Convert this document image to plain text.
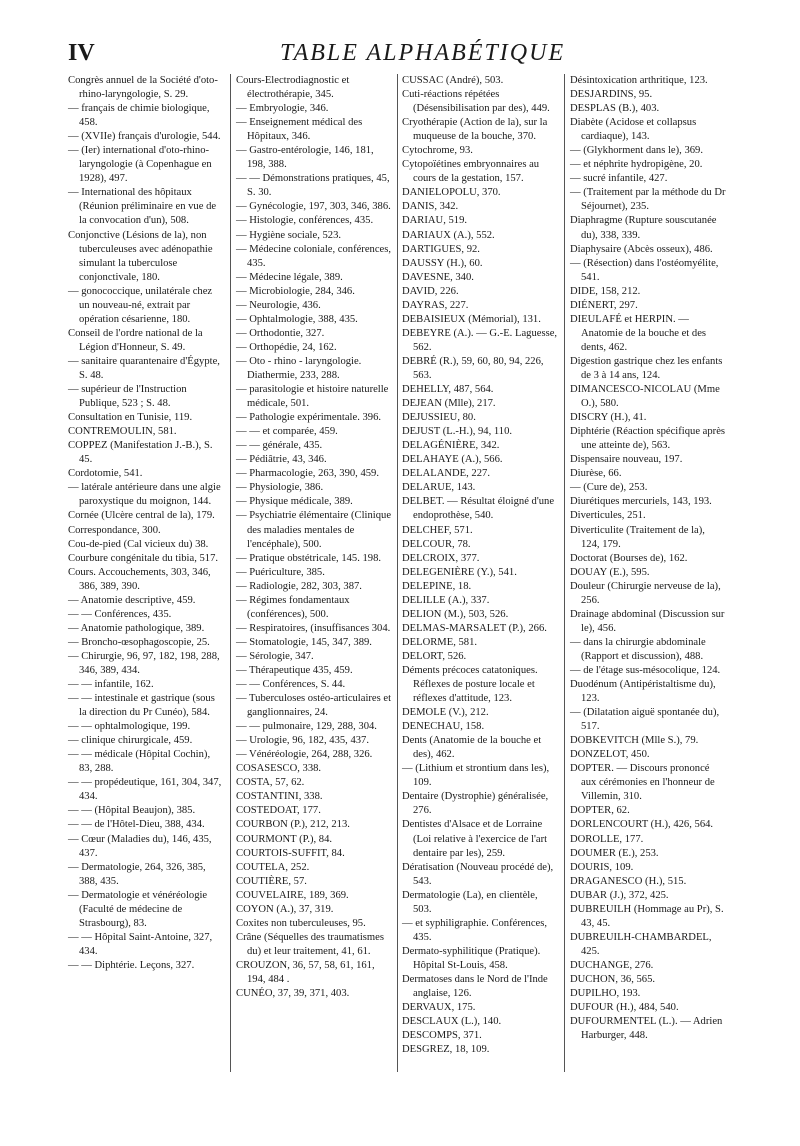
IV	TABLE ALPHABÉTIQUE

Congrès annuel de la Société d'oto-rhino-laryngologie, S. 29.

— français de chimie biologique, 458.

— (XVIIe) français d'urologie, 544.

— (Ier) international d'oto-rhino-laryngologie (à Copenhague en 1928), 497.

— International des hôpitaux (Réunion préliminaire en vue de la convocation d'un), 508.

Conjonctive (Lésions de la), non tuberculeuses avec adénopathie simulant la tuberculose conjonctivale, 180.

— gonococcique, unilatérale chez un nouveau-né, extrait par opération césarienne, 180.

Conseil de l'ordre national de la Légion d'Honneur, S. 49.

— sanitaire quarantenaire d'Égypte, S. 48.

— supérieur de l'Instruction Publique, 523 ; S. 48.

Consultation en Tunisie, 119.

CONTREMOULIN, 581.

COPPEZ (Manifestation J.-B.), S. 45.

Cordotomie, 541.

— latérale antérieure dans une algie paroxystique du moignon, 144.

Cornée (Ulcère central de la), 179.

Correspondance, 300.

Cou-de-pied (Cal vicieux du) 38.

Courbure congénitale du tibia, 517.

Cours. Accouchements, 303, 346, 386, 389, 390.

— Anatomie descriptive, 459.

— — Conférences, 435.

— Anatomie pathologique, 389.

— Broncho-œsophagoscopie, 25.

— Chirurgie, 96, 97, 182, 198, 288, 346, 389, 434.

— — infantile, 162.

— — intestinale et gastrique (sous la direction du Pr Cunéo), 584.

— — ophtalmologique, 199.

— clinique chirurgicale, 459.

— — médicale (Hôpital Cochin), 83, 288.

— — propédeutique, 161, 304, 347, 434.

— — (Hôpital Beaujon), 385.

— — de l'Hôtel-Dieu, 388, 434.

— Cœur (Maladies du), 146, 435, 437.

— Dermatologie, 264, 326, 385, 388, 435.

— Dermatologie et vénéréologie (Faculté de médecine de Strasbourg), 83.

— — Hôpital Saint-Antoine, 327, 434.

— — Diphtérie. Leçons, 327.

Cours-Electrodiagnostic et électrothérapie, 345.

— Embryologie, 346.

— Enseignement médical des Hôpitaux, 346.

— Gastro-entérologie, 146, 181, 198, 388.

— — Démonstrations pratiques, 45, S. 30.

— Gynécologie, 197, 303, 346, 386.

— Histologie, conférences, 435.

— Hygiène sociale, 523.

— Médecine coloniale, conférences, 435.

— Médecine légale, 389.

— Microbiologie, 284, 346.

— Neurologie, 436.

— Ophtalmologie, 388, 435.

— Orthodontie, 327.

— Orthopédie, 24, 162.

— Oto - rhino - laryngologie. Diathermie, 233, 288.

— parasitologie et histoire naturelle médicale, 501.

— Pathologie expérimentale. 396.

— — et comparée, 459.

— — générale, 435.

— Pédiâtrie, 43, 346.

— Pharmacologie, 263, 390, 459.

— Physiologie, 386.

— Physique médicale, 389.

— Psychiatrie élémentaire (Clinique des maladies mentales de l'encéphale), 500.

— Pratique obstétricale, 145. 198.

— Puériculture, 385.

— Radiologie, 282, 303, 387.

— Régimes fondamentaux (conférences), 500.

— Respiratoires, (insuffisances 304.

— Stomatologie, 145, 347, 389.

— Sérologie, 347.

— Thérapeutique 435, 459.

— — Conférences, S. 44.

— Tuberculoses ostéo-articulaires et ganglionnaires, 24.

— — pulmonaire, 129, 288, 304.

— Urologie, 96, 182, 435, 437.

— Vénéréologie, 264, 288, 326.

COSASESCO, 338.

COSTA, 57, 62.

COSTANTINI, 338.

COSTEDOAT, 177.

COURBON (P.), 212, 213.

COURMONT (P.), 84.

COURTOIS-SUFFIT, 84.

COUTELA, 252.

COUTIÈRE, 57.

COUVELAIRE, 189, 369.

COYON (A.), 37, 319.

Coxites non tuberculeuses, 95.

Crâne (Séquelles des traumatismes du) et leur traitement, 41, 61.

CROUZON, 36, 57, 58, 61, 161, 194, 484 .

CUNÉO, 37, 39, 371, 403.

CUSSAC (André), 503.

Cuti-réactions répétées (Désensibilisation par des), 449.

Cryothérapie (Action de la), sur la muqueuse de la bouche, 370.

Cytochrome, 93.

Cytopoïétines embryonnaires au cours de la gestation, 157.

DANIELOPOLU, 370.

DANIS, 342.

DARIAU, 519.

DARIAUX (A.), 552.

DARTIGUES, 92.

DAUSSY (H.), 60.

DAVESNE, 340.

DAVID, 226.

DAYRAS, 227.

DEBAISIEUX (Mémorial), 131.

DEBEYRE (A.). — G.-E. Laguesse, 562.

DEBRÉ (R.), 59, 60, 80, 94, 226, 563.

DEHELLY, 487, 564.

DEJEAN (Mlle), 217.

DEJUSSIEU, 80.

DEJUST (L.-H.), 94, 110.

DELAGÉNIÈRE, 342.

DELAHAYE (A.), 566.

DELALANDE, 227.

DELARUE, 143.

DELBET. — Résultat éloigné d'une endoprothèse, 540.

DELCHEF, 571.

DELCOUR, 78.

DELCROIX, 377.

DELEGENIÈRE (Y.), 541.

DELEPINE, 18.

DELILLE (A.), 337.

DELION (M.), 503, 526.

DELMAS-MARSALET (P.), 266.

DELORME, 581.

DELORT, 526.

Déments précoces catatoniques. Réflexes de posture locale et réflexes d'attitude, 123.

DEMOLE (V.), 212.

DENECHAU, 158.

Dents (Anatomie de la bouche et des), 462.

— (Lithium et strontium dans les), 109.

Dentaire (Dystrophie) généralisée, 276.

Dentistes d'Alsace et de Lorraine (Loi relative à l'exercice de l'art dentaire par les), 259.

Dératisation (Nouveau procédé de), 543.

Dermatologie (La), en clientèle, 503.

— et syphiligraphie. Conférences, 435.

Dermato-syphilitique (Pratique). Hôpital St-Louis, 458.

Dermatoses dans le Nord de l'Inde anglaise, 126.

DERVAUX, 175.

DESCLAUX (L.), 140.

DESCOMPS, 371.

DESGREZ, 18, 109.

Désintoxication arthritique, 123.

DESJARDINS, 95.

DESPLAS (B.), 403.

Diabète (Acidose et collapsus cardiaque), 143.

— (Glykhorment dans le), 369.

— et néphrite hydropigène, 20.

— sucré infantile, 427.

— (Traitement par la méthode du Dr Séjournet), 235.

Diaphragme (Rupture souscutanée du), 338, 339.

Diaphysaire (Abcès osseux), 486.

— (Résection) dans l'ostéomyélite, 541.

DIDE, 158, 212.

DIÉNERT, 297.

DIEULAFÉ et HERPIN. — Anatomie de la bouche et des dents, 462.

Digestion gastrique chez les enfants de 3 à 14 ans, 124.

DIMANCESCO-NICOLAU (Mme O.), 580.

DISCRY (H.), 41.

Diphtérie (Réaction spécifique après une atteinte de), 563.

Dispensaire nouveau, 197.

Diurèse, 66.

— (Cure de), 253.

Diurétiques mercuriels, 143, 193.

Diverticules, 251.

Diverticulite (Traitement de la), 124, 179.

Doctorat (Bourses de), 162.

DOUAY (E.), 595.

Douleur (Chirurgie nerveuse de la), 256.

Drainage abdominal (Discussion sur le), 456.

— dans la chirurgie abdominale (Rapport et discussion), 488.

— de l'étage sus-mésocolique, 124.

Duodénum (Antipéristaltisme du), 123.

— (Dilatation aiguë spontanée du), 517.

DOBKEVITCH (Mlle S.), 79.

DONZELOT, 450.

DOPTER. — Discours prononcé aux cérémonies en l'honneur de Villemin, 310.

DOPTER, 62.

DORLENCOURT (H.), 426, 564.

DOROLLE, 177.

DOUMER (E.), 253.

DOURIS, 109.

DRAGANESCO (H.), 515.

DUBAR (J.), 372, 425.

DUBREUILH (Hommage au Pr), S. 43, 45.

DUBREUILH-CHAMBARDEL, 425.

DUCHANGE, 276.

DUCHON, 36, 565.

DUPILHO, 193.

DUFOUR (H.), 484, 540.

DUFOURMENTEL (L.). — Adrien Harburger, 448.
